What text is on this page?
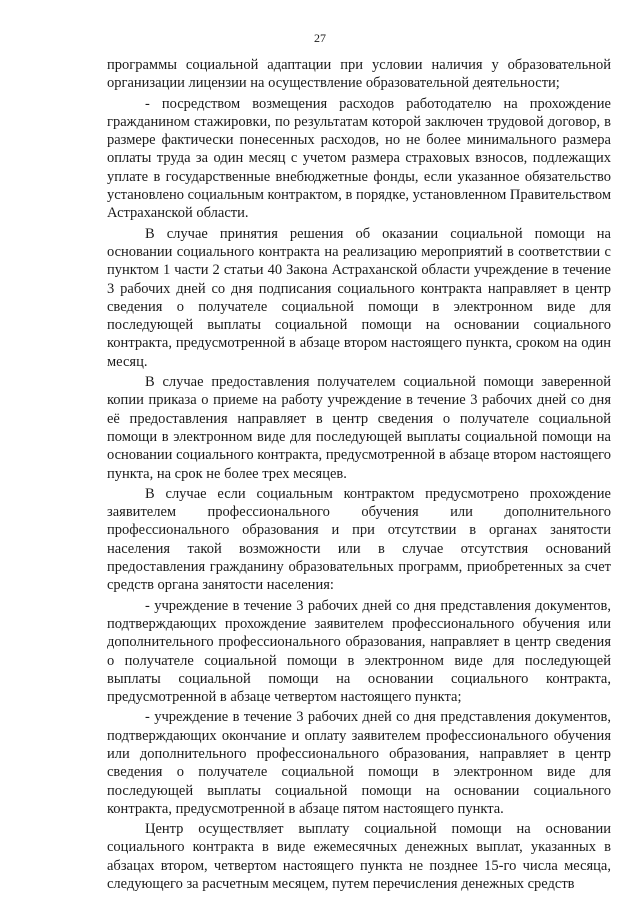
27

программы социальной адаптации при условии наличия у образовательной организации лицензии на осуществление образовательной деятельности;

- посредством возмещения расходов работодателю на прохождение гражданином стажировки, по результатам которой заключен трудовой договор, в размере фактически понесенных расходов, но не более минимального размера оплаты труда за один месяц с учетом размера страховых взносов, подлежащих уплате в государственные внебюджетные фонды, если указанное обязательство установлено социальным контрактом, в порядке, установленном Правительством Астраханской области.

В случае принятия решения об оказании социальной помощи на основании социального контракта на реализацию мероприятий в соответствии с пунктом 1 части 2 статьи 40 Закона Астраханской области учреждение в течение 3 рабочих дней со дня подписания социального контракта направляет в центр сведения о получателе социальной помощи в электронном виде для последующей выплаты социальной помощи на основании социального контракта, предусмотренной в абзаце втором настоящего пункта, сроком на один месяц.

В случае предоставления получателем социальной помощи заверенной копии приказа о приеме на работу учреждение в течение 3 рабочих дней со дня её предоставления направляет в центр сведения о получателе социальной помощи в электронном виде для последующей выплаты социальной помощи на основании социального контракта, предусмотренной в абзаце втором настоящего пункта, на срок не более трех месяцев.

В случае если социальным контрактом предусмотрено прохождение заявителем профессионального обучения или дополнительного профессионального образования и при отсутствии в органах занятости населения такой возможности или в случае отсутствия оснований предоставления гражданину образовательных программ, приобретенных за счет средств органа занятости населения:

- учреждение в течение 3 рабочих дней со дня представления документов, подтверждающих прохождение заявителем профессионального обучения или дополнительного профессионального образования, направляет в центр сведения о получателе социальной помощи в электронном виде для последующей выплаты социальной помощи на основании социального контракта, предусмотренной в абзаце четвертом настоящего пункта;

- учреждение в течение 3 рабочих дней со дня представления документов, подтверждающих окончание и оплату заявителем профессионального обучения или дополнительного профессионального образования, направляет в центр сведения о получателе социальной помощи в электронном виде для последующей выплаты социальной помощи на основании социального контракта, предусмотренной в абзаце пятом настоящего пункта.

Центр осуществляет выплату социальной помощи на основании социального контракта в виде ежемесячных денежных выплат, указанных в абзацах втором, четвертом настоящего пункта не позднее 15-го числа месяца, следующего за расчетным месяцем, путем перечисления денежных средств
